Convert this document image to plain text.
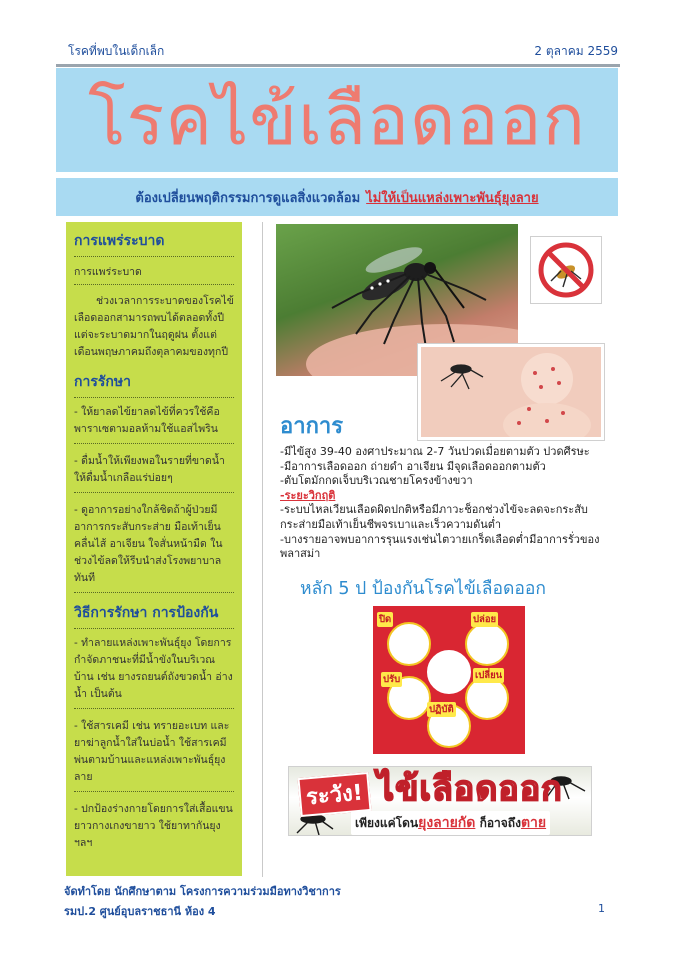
โรคที่พบในเด็กเล็ก	2 ตุลาคม 2559
โรคไข้เลือดออก
ต้องเปลี่ยนพฤติกรรมการดูแลสิ่งแวดล้อม ไม่ให้เป็นแหล่งเพาะพันธุ์ยุงลาย
การแพร่ระบาด
การแพร่ระบาด

ช่วงเวลาการระบาดของโรคไข้เลือดออกสามารถพบได้ตลอดทั้งปี แต่จะระบาดมากในฤดูฝน ตั้งแต่เดือนพฤษภาคมถึงตุลาคมของทุกปี

การรักษา
- ให้ยาลดไข้ยาลดไข้ที่ควรใช้คือ พาราเซตามอลห้ามใช้แอสไพริน
- ดื่มน้ำให้เพียงพอในรายที่ขาดน้ำให้ดื่มน้ำเกลือแร่บ่อยๆ
- ดูอาการอย่างใกล้ชิดถ้าผู้ป่วยมีอาการกระสับกระส่าย มือเท้าเย็น คลื่นไส้ อาเจียน ใจสั่นหน้ามืด ใน ช่วงไข้ลดให้รีบนำส่งโรงพยาบาลทันที
วิธีการรักษา การป้องกัน
- ทำลายแหล่งเพาะพันธุ์ยุง โดยการกำจัดภาชนะที่มีน้ำขังในบริเวณบ้าน เช่น ยางรถยนต์ถังขวดน้ำ อ่างน้ำ เป็นต้น
- ใช้สารเคมี เช่น ทรายอะเบท และยาฆ่าลูกน้ำใส่ในบ่อน้ำ ใช้สารเคมีพ่นตามบ้านและแหล่งเพาะพันธุ์ยุงลาย
- ปกป้องร่างกายโดยการใส่เสื้อแขนยาวกางเกงขายาว ใช้ยาทากันยุง ฯลฯ
อาการ
-มีไข้สูง 39-40 องศาประมาณ 2-7 วันปวดเมื่อยตามตัว ปวดศีรษะ
-มีอาการเลือดออก ถ่ายดำ อาเจียน มีจุดเลือดออกตามตัว
-ตับโตมักกดเจ็บบริเวณชายโครงข้างขวา
-ระยะวิกฤติ
-ระบบไหลเวียนเลือดผิดปกติหรือมีภาวะช็อกช่วงไข้จะลดจะกระสับกระส่ายมือเท้าเย็นชีพจรเบาและเร็วความดันต่ำ
-บางรายอาจพบอาการรุนแรงเช่นไตวายเกร็ดเลือดต่ำมีอาการรั่วของพลาสม่า
หลัก 5 ป ป้องกันโรคไข้เลือดออก
ปิด	ปล่อย
ปรับ	เปลี่ยน
ปฏิบัติ
ระวัง! ไข้เลือดออก
เพียงแค่โดนยุงลายกัด ก็อาจถึงตาย
จัดทำโดย นักศึกษาตาม โครงการความร่วมมือทางวิชาการ
รมป.2 ศูนย์อุบลราชธานี ห้อง 4	1
